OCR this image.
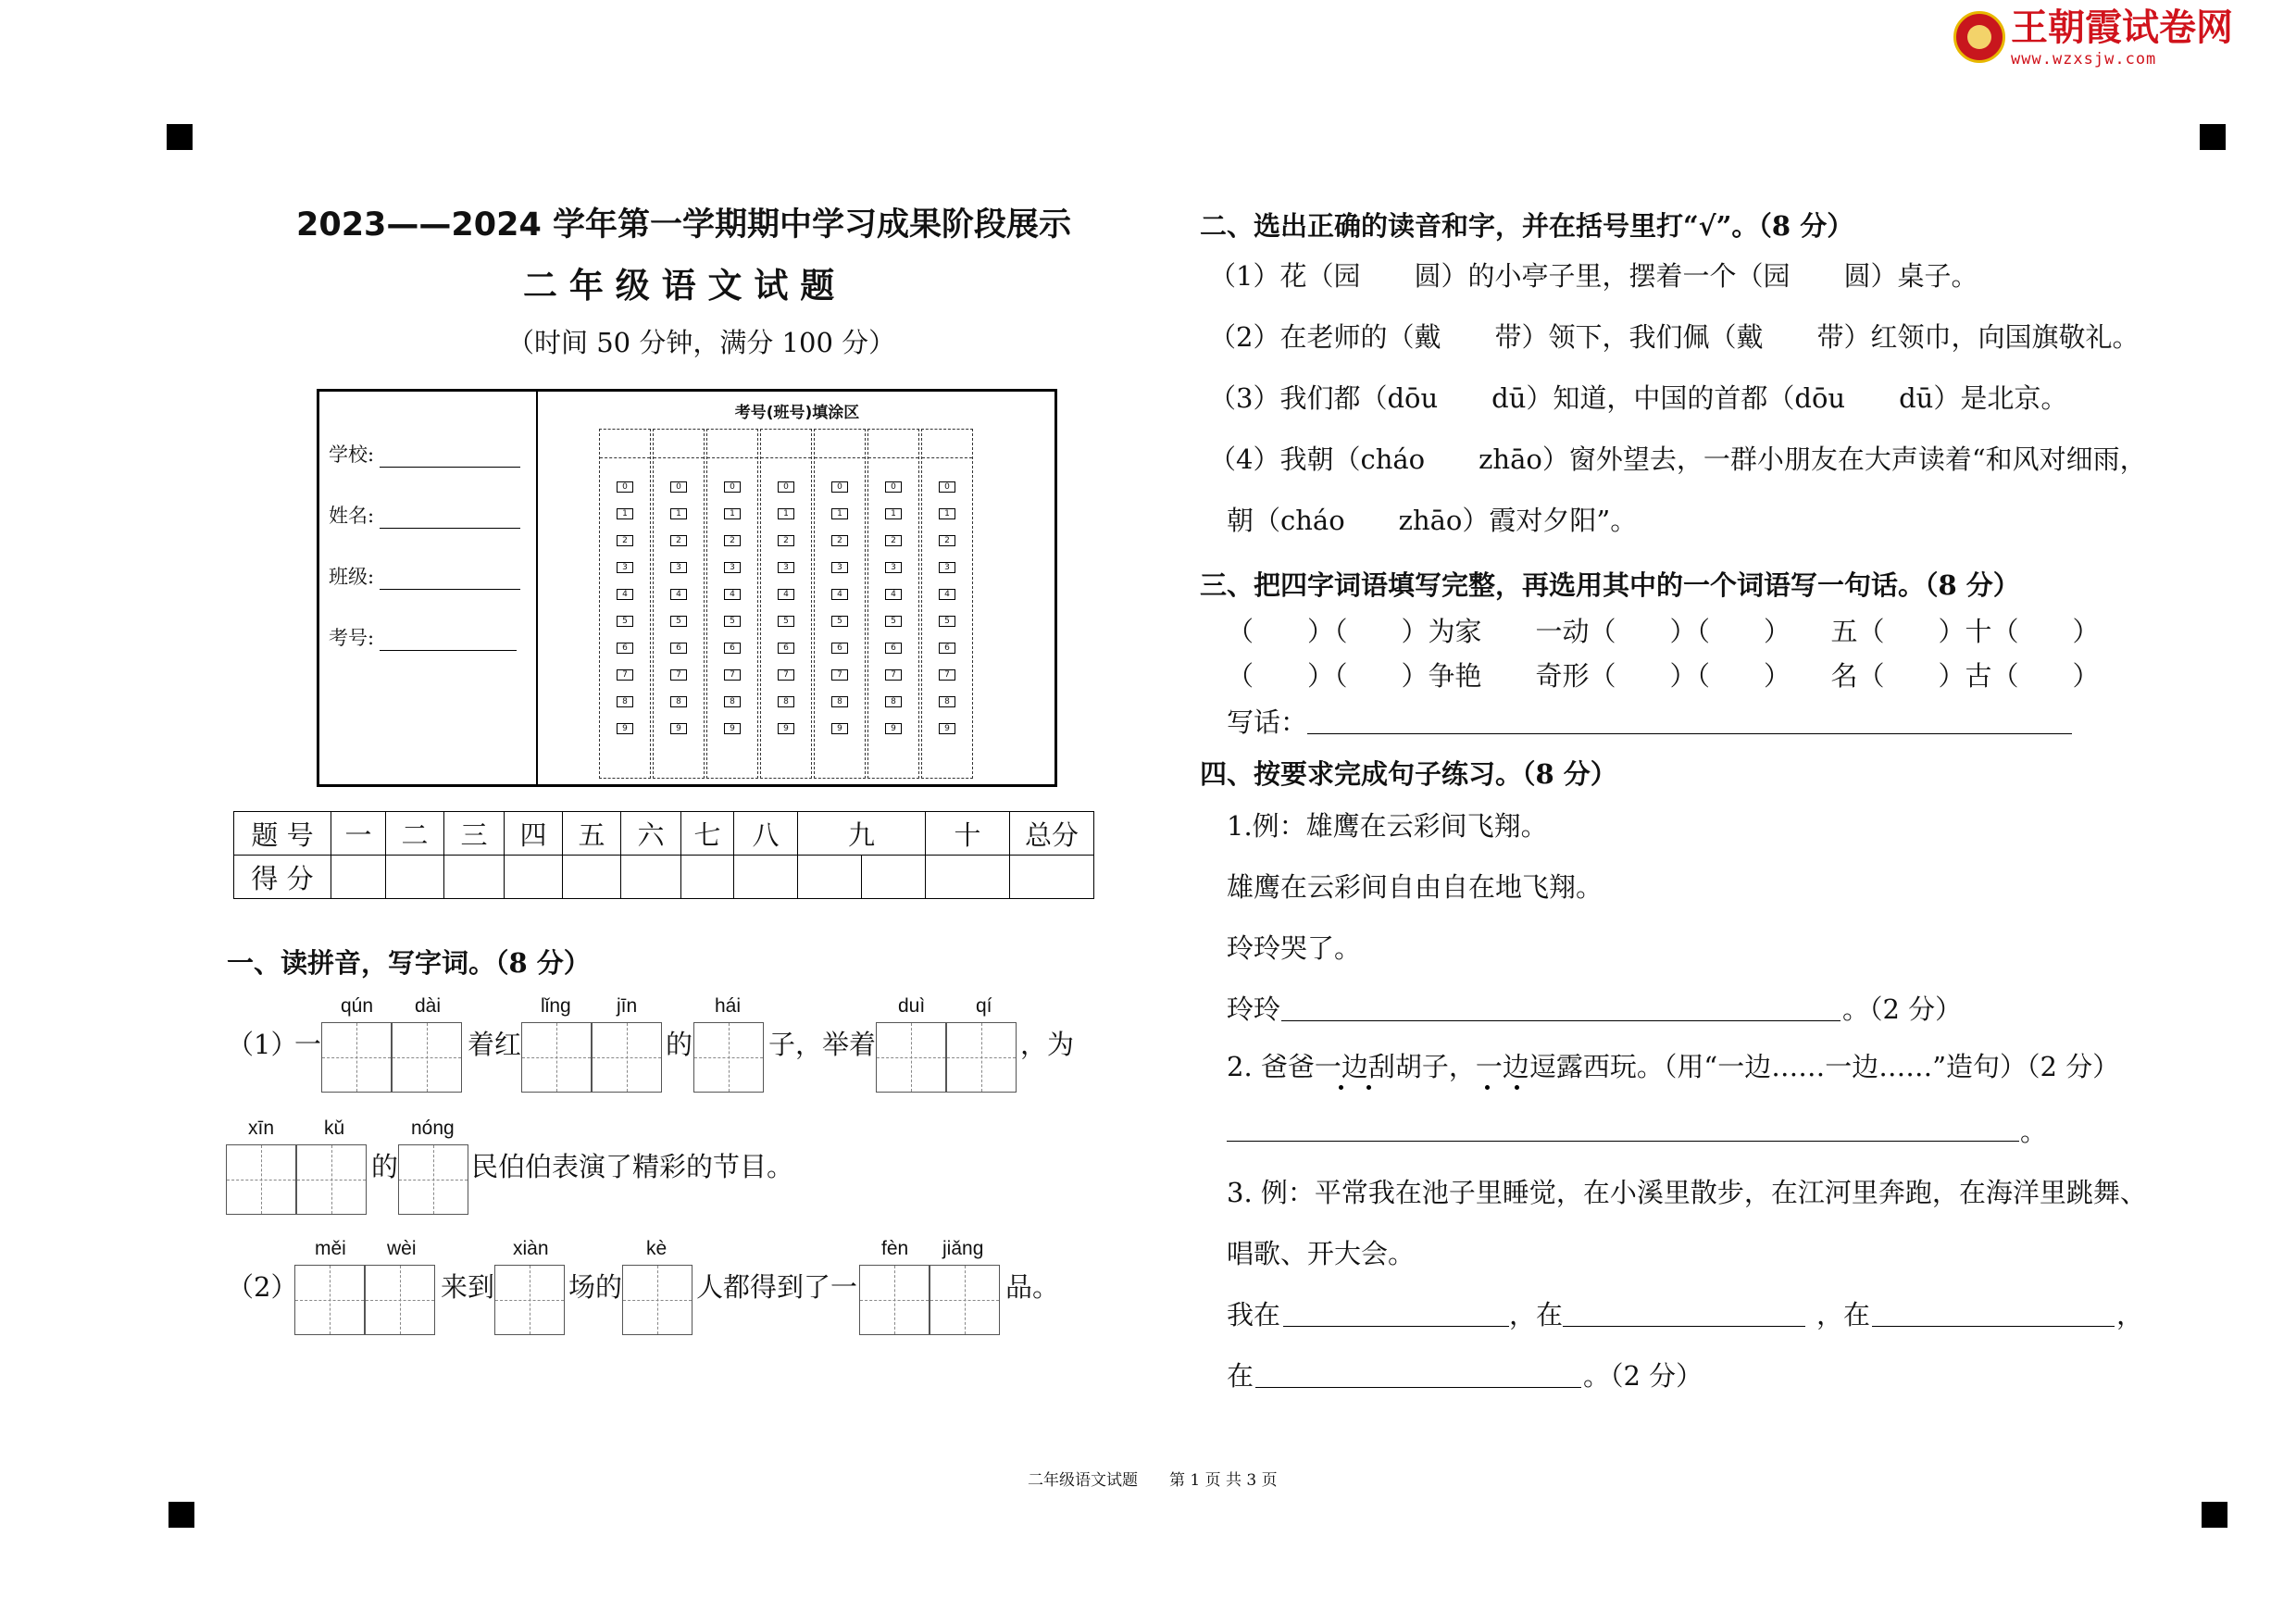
王朝霞试卷网
www.wzxsjw.com
2023——2024 学年第一学期期中学习成果阶段展示
二 年 级 语 文 试 题
（时间 50 分钟，满分 100 分）
学校:
姓名:
班级:
考号:
考号(班号)填涂区
0
1
2
3
4
5
6
7
8
9
0
1
2
3
4
5
6
7
8
9
0
1
2
3
4
5
6
7
8
9
0
1
2
3
4
5
6
7
8
9
0
1
2
3
4
5
6
7
8
9
0
1
2
3
4
5
6
7
8
9
0
1
2
3
4
5
6
7
8
9
题 号	一	二	三	四	五	六	七	八	九		十	总分
得 分												
一、读拼音，写字词。（8 分）
qún dài	lǐng jīn	hái	duì	qí
（1）
一	着红	的	子，举着	，为
xīn	kǔ	nóng
的	民伯伯表演了精彩的节目。
měi wèi	xiàn	kè	fèn jiǎng
（2）	来到	场的	人都得到了一	品。
二、选出正确的读音和字，并在括号里打“√”。（8 分）
（1）花（园　　圆）的小亭子里，摆着一个（园　　圆）桌子。
（2）在老师的（戴　　带）领下，我们佩（戴　　带）红领巾，向国旗敬礼。
（3）我们都（dōu　　dū）知道，中国的首都（dōu　　dū）是北京。
（4）我朝（cháo　　zhāo）窗外望去，一群小朋友在大声读着“和风对细雨，
朝（cháo　　zhāo）霞对夕阳”。
三、把四字词语填写完整，再选用其中的一个词语写一句话。（8 分）
（　　）（　　）为家　　一动（　　）（　　）　　五（　　）十（　　）
（　　）（　　）争艳　　奇形（　　）（　　）　　名（　　）古（　　）
写话：
四、按要求完成句子练习。（8 分）
1.例：雄鹰在云彩间飞翔。
雄鹰在云彩间自由自在地飞翔。
玲玲哭了。
玲玲	。（2 分）
2. 爸爸一边刮胡子，一边逗露西玩。（用“一边……一边……”造句）（2 分）
。
3. 例：平常我在池子里睡觉，在小溪里散步，在江河里奔跑，在海洋里跳舞、
唱歌、开大会。
我在	，在	，在	，
在	。（2 分）
二年级语文试题　　第 1 页 共 3 页
